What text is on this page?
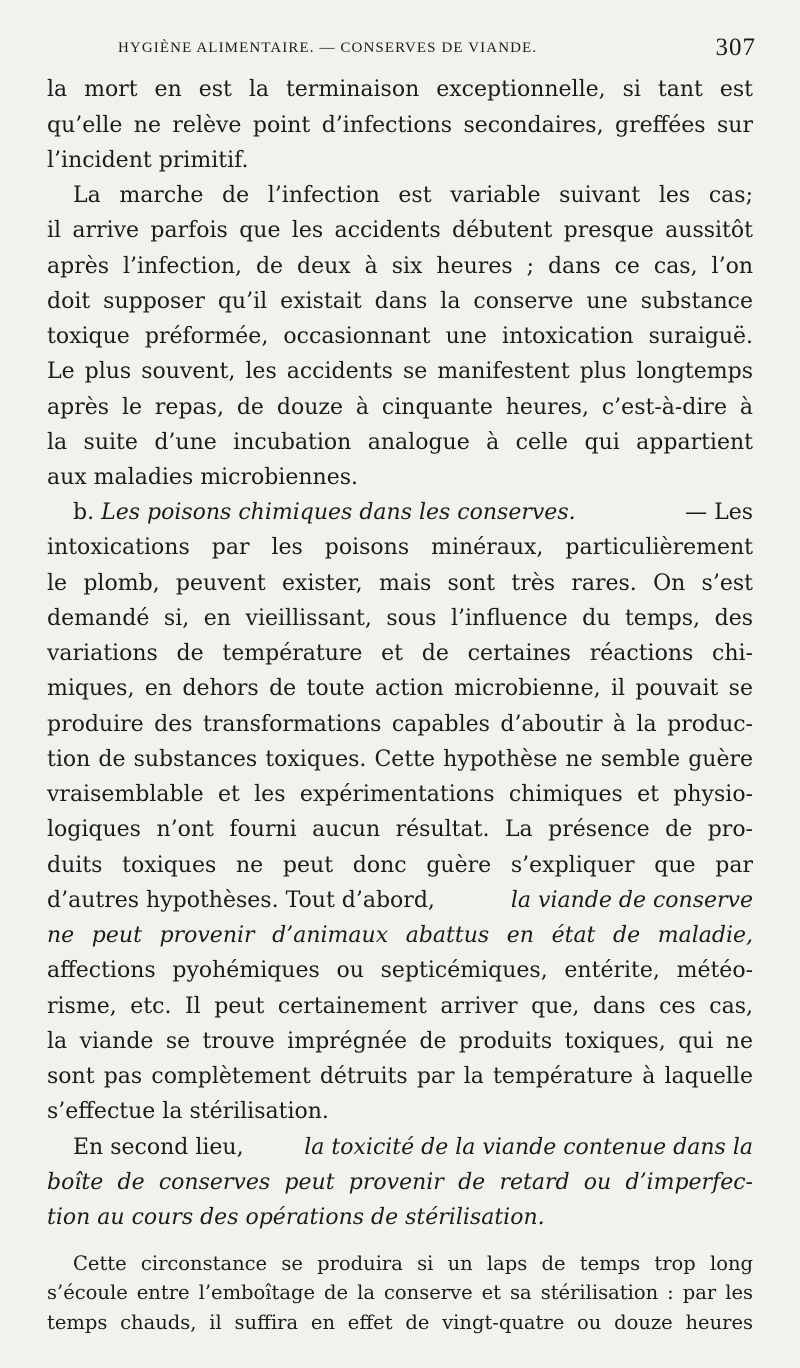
HYGIÈNE ALIMENTAIRE. — CONSERVES DE VIANDE.	307
la mort en est la terminaison exceptionnelle, si tant est
qu’elle ne relève point d’infections secondaires, greffées sur
l’incident primitif.
La marche de l’infection est variable suivant les cas;
il arrive parfois que les accidents débutent presque aussitôt
après l’infection, de deux à six heures ; dans ce cas, l’on
doit supposer qu’il existait dans la conserve une substance
toxique préformée, occasionnant une intoxication suraiguë.
Le plus souvent, les accidents se manifestent plus longtemps
après le repas, de douze à cinquante heures, c’est-à-dire à
la suite d’une incubation analogue à celle qui appartient
aux maladies microbiennes.
b. Les poisons chimiques dans les conserves.	— Les
intoxications par les poisons minéraux, particulièrement
le plomb, peuvent exister, mais sont très rares. On s’est
demandé si, en vieillissant, sous l’influence du temps, des
variations de température et de certaines réactions chi-
miques, en dehors de toute action microbienne, il pouvait se
produire des transformations capables d’aboutir à la produc-
tion de substances toxiques. Cette hypothèse ne semble guère
vraisemblable et les expérimentations chimiques et physio-
logiques n’ont fourni aucun résultat. La présence de pro-
duits toxiques ne peut donc guère s’expliquer que par
d’autres hypothèses. Tout d’abord,	la viande de conserve
ne peut provenir d’animaux abattus en état de maladie,
affections pyohémiques ou septicémiques, entérite, météo-
risme, etc. Il peut certainement arriver que, dans ces cas,
la viande se trouve imprégnée de produits toxiques, qui ne
sont pas complètement détruits par la température à laquelle
s’effectue la stérilisation.
En second lieu,	la toxicité de la viande contenue dans la
boîte de conserves peut provenir de retard ou d’imperfec-
tion au cours des opérations de stérilisation.
Cette circonstance se produira si un laps de temps trop long
s’écoule entre l’emboîtage de la conserve et sa stérilisation : par les
temps chauds, il suffira en effet de vingt-quatre ou douze heures
